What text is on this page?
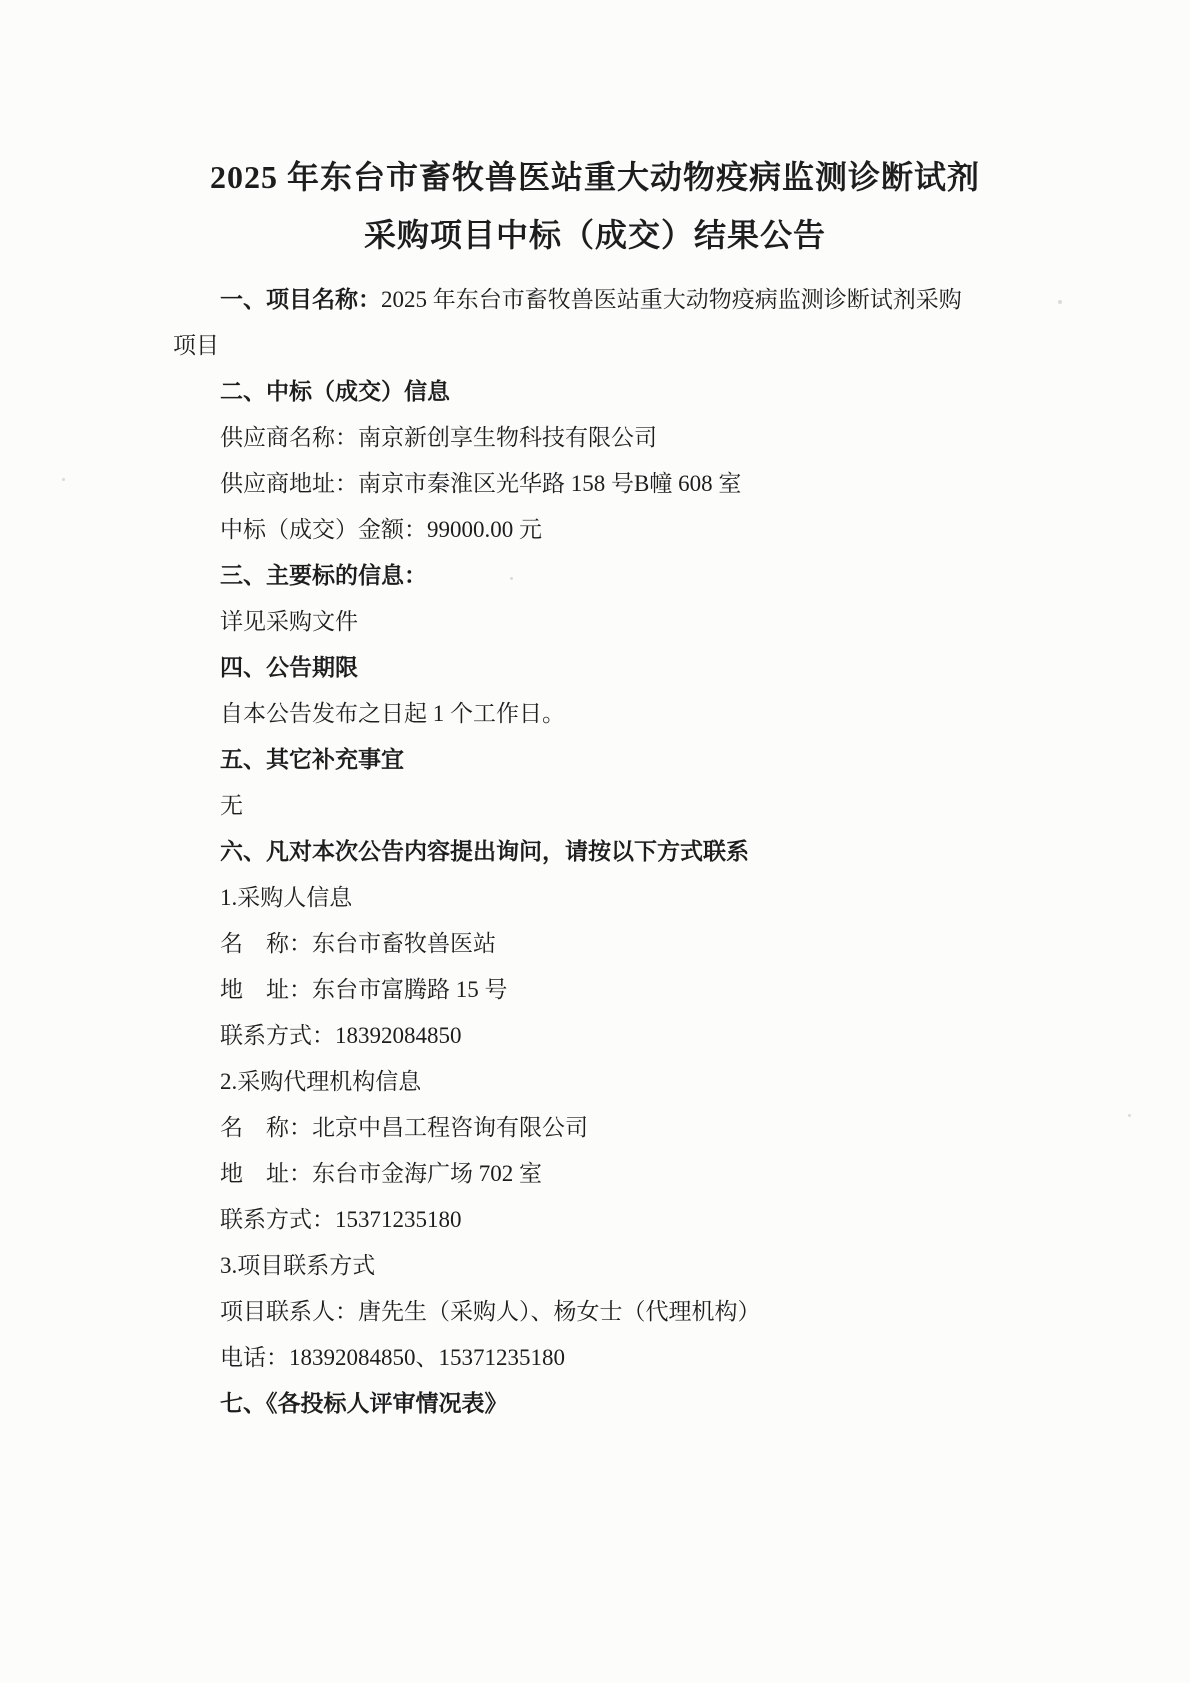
2025 年东台市畜牧兽医站重大动物疫病监测诊断试剂
采购项目中标（成交）结果公告

一、项目名称：2025 年东台市畜牧兽医站重大动物疫病监测诊断试剂采购

项目

二、中标（成交）信息

供应商名称：南京新创享生物科技有限公司

供应商地址：南京市秦淮区光华路 158 号B幢 608 室

中标（成交）金额：99000.00 元

三、主要标的信息：

详见采购文件

四、公告期限

自本公告发布之日起 1 个工作日。

五、其它补充事宜

无

六、凡对本次公告内容提出询问，请按以下方式联系

1.采购人信息

名　称：东台市畜牧兽医站

地　址：东台市富腾路 15 号

联系方式：18392084850

2.采购代理机构信息

名　称：北京中昌工程咨询有限公司

地　址：东台市金海广场 702 室

联系方式：15371235180

3.项目联系方式

项目联系人：唐先生（采购人）、杨女士（代理机构）

电话：18392084850、15371235180

七、《各投标人评审情况表》
